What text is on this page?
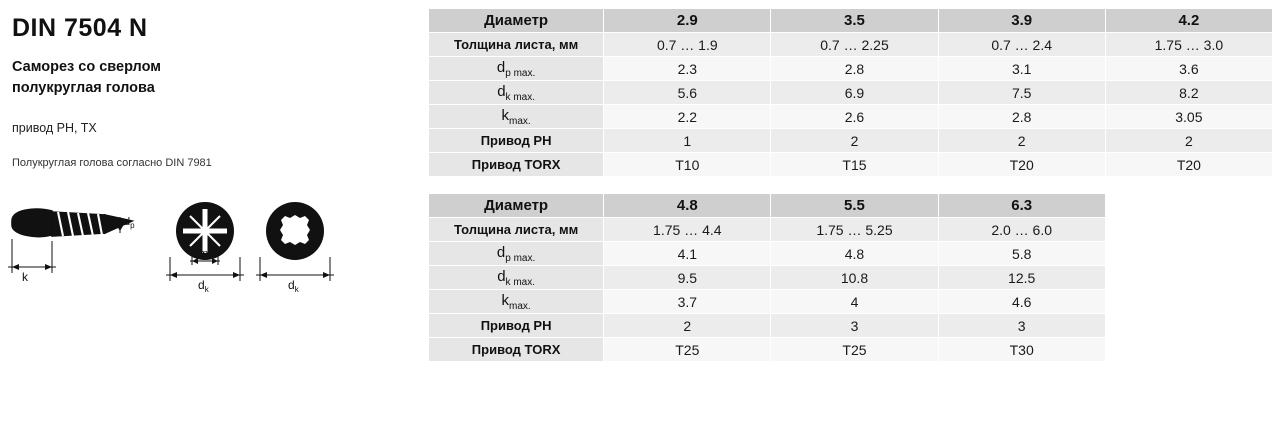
DIN 7504 N
Саморез со сверлом
полукруглая голова
привод PH, TX
Полукруглая голова согласно DIN 7981
k
$d_p$
m
$d_k$	$d_k$
Диаметр	2.9	3.5	3.9	4.2
Толщина листа, мм	0.7 … 1.9	0.7 … 2.25	0.7 … 2.4	1.75 … 3.0
$d_{p max.}$	2.3	2.8	3.1	3.6
$d_{k max.}$	5.6	6.9	7.5	8.2
$k_{max.}$	2.2	2.6	2.8	3.05
Привод PH	1	2	2	2
Привод TORX	T10	T15	T20	T20
Диаметр	4.8	5.5	6.3	
Толщина листа, мм	1.75 … 4.4	1.75 … 5.25	2.0 … 6.0	
$d_{p max.}$	4.1	4.8	5.8	
$d_{k max.}$	9.5	10.8	12.5	
$k_{max.}$	3.7	4	4.6	
Привод PH	2	3	3	
Привод TORX	T25	T25	T30	
